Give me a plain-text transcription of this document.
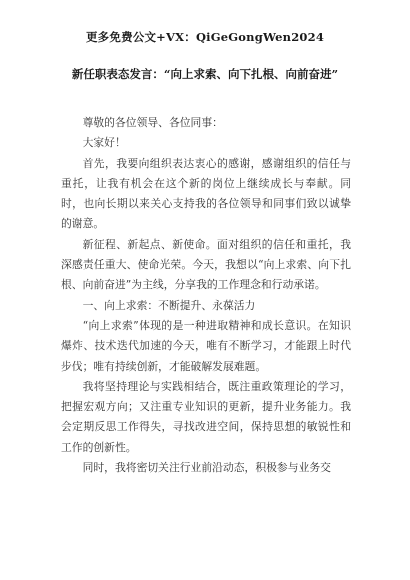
更多免费公文+VX：QiGeGongWen2024
新任职表态发言：“向上求索、向下扎根、向前奋进”

尊敬的各位领导、各位同事：

大家好！

首先，我要向组织表达衷心的感谢，感谢组织的信任与重托，让我有机会在这个新的岗位上继续成长与奉献。同时，也向长期以来关心支持我的各位领导和同事们致以诚挚的谢意。

新征程、新起点、新使命。面对组织的信任和重托，我深感责任重大、使命光荣。今天，我想以“向上求索、向下扎根、向前奋进”为主线，分享我的工作理念和行动承诺。

一、向上求索：不断提升、永葆活力

“向上求索”体现的是一种进取精神和成长意识。在知识爆炸、技术迭代加速的今天，唯有不断学习，才能跟上时代步伐；唯有持续创新，才能破解发展难题。

我将坚持理论与实践相结合，既注重政策理论的学习，把握宏观方向；又注重专业知识的更新，提升业务能力。我会定期反思工作得失，寻找改进空间，保持思想的敏锐性和工作的创新性。

同时，我将密切关注行业前沿动态，积极参与业务交
